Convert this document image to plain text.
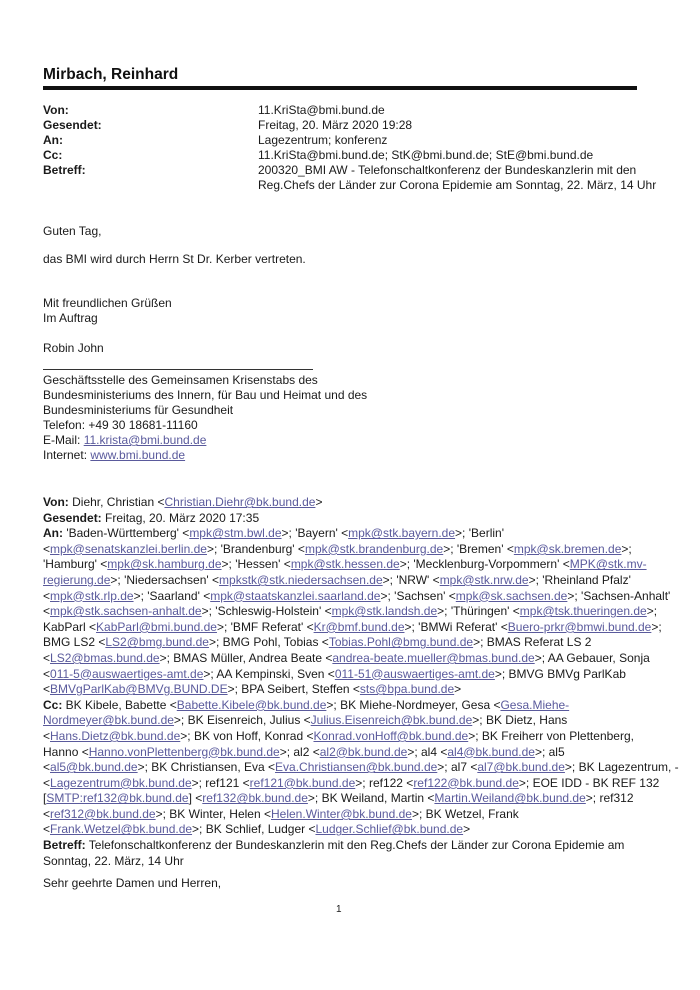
Mirbach, Reinhard
Von:	11.KriSta@bmi.bund.de
Gesendet:	Freitag, 20. März 2020 19:28
An:	Lagezentrum; konferenz
Cc:	11.KriSta@bmi.bund.de; StK@bmi.bund.de; StE@bmi.bund.de
Betreff:	200320_BMI AW - Telefonschaltkonferenz der Bundeskanzlerin mit den
Reg.Chefs der Länder zur Corona Epidemie am Sonntag, 22. März, 14 Uhr
Guten Tag,
das BMI wird durch Herrn St Dr. Kerber vertreten.
Mit freundlichen Grüßen
Im Auftrag
Robin John
Geschäftsstelle des Gemeinsamen Krisenstabs des
Bundesministeriums des Innern, für Bau und Heimat und des
Bundesministeriums für Gesundheit
Telefon: +49 30 18681-11160
E-Mail: 11.krista@bmi.bund.de
Internet: www.bmi.bund.de
Von: Diehr, Christian <Christian.Diehr@bk.bund.de>
Gesendet: Freitag, 20. März 2020 17:35
An: 'Baden-Württemberg' <mpk@stm.bwl.de>; 'Bayern' <mpk@stk.bayern.de>; 'Berlin'
<mpk@senatskanzlei.berlin.de>; 'Brandenburg' <mpk@stk.brandenburg.de>; 'Bremen' <mpk@sk.bremen.de>;
'Hamburg' <mpk@sk.hamburg.de>; 'Hessen' <mpk@stk.hessen.de>; 'Mecklenburg-Vorpommern' <MPK@stk.mv-
regierung.de>; 'Niedersachsen' <mpkstk@stk.niedersachsen.de>; 'NRW' <mpk@stk.nrw.de>; 'Rheinland Pfalz'
<mpk@stk.rlp.de>; 'Saarland' <mpk@staatskanzlei.saarland.de>; 'Sachsen' <mpk@sk.sachsen.de>; 'Sachsen-Anhalt'
<mpk@stk.sachsen-anhalt.de>; 'Schleswig-Holstein' <mpk@stk.landsh.de>; 'Thüringen' <mpk@tsk.thueringen.de>;
KabParl <KabParl@bmi.bund.de>; 'BMF Referat' <Kr@bmf.bund.de>; 'BMWi Referat' <Buero-prkr@bmwi.bund.de>;
BMG LS2 <LS2@bmg.bund.de>; BMG Pohl, Tobias <Tobias.Pohl@bmg.bund.de>; BMAS Referat LS 2
<LS2@bmas.bund.de>; BMAS Müller, Andrea Beate <andrea-beate.mueller@bmas.bund.de>; AA Gebauer, Sonja
<011-5@auswaertiges-amt.de>; AA Kempinski, Sven <011-51@auswaertiges-amt.de>; BMVG BMVg ParlKab
<BMVgParlKab@BMVg.BUND.DE>; BPA Seibert, Steffen <sts@bpa.bund.de>
Cc: BK Kibele, Babette <Babette.Kibele@bk.bund.de>; BK Miehe-Nordmeyer, Gesa <Gesa.Miehe-
Nordmeyer@bk.bund.de>; BK Eisenreich, Julius <Julius.Eisenreich@bk.bund.de>; BK Dietz, Hans
<Hans.Dietz@bk.bund.de>; BK von Hoff, Konrad <Konrad.vonHoff@bk.bund.de>; BK Freiherr von Plettenberg,
Hanno <Hanno.vonPlettenberg@bk.bund.de>; al2 <al2@bk.bund.de>; al4 <al4@bk.bund.de>; al5
<al5@bk.bund.de>; BK Christiansen, Eva <Eva.Christiansen@bk.bund.de>; al7 <al7@bk.bund.de>; BK Lagezentrum, -
<Lagezentrum@bk.bund.de>; ref121 <ref121@bk.bund.de>; ref122 <ref122@bk.bund.de>; EOE IDD - BK REF 132
[SMTP:ref132@bk.bund.de] <ref132@bk.bund.de>; BK Weiland, Martin <Martin.Weiland@bk.bund.de>; ref312
<ref312@bk.bund.de>; BK Winter, Helen <Helen.Winter@bk.bund.de>; BK Wetzel, Frank
<Frank.Wetzel@bk.bund.de>; BK Schlief, Ludger <Ludger.Schlief@bk.bund.de>
Betreff: Telefonschaltkonferenz der Bundeskanzlerin mit den Reg.Chefs der Länder zur Corona Epidemie am
Sonntag, 22. März, 14 Uhr
Sehr geehrte Damen und Herren,
1
